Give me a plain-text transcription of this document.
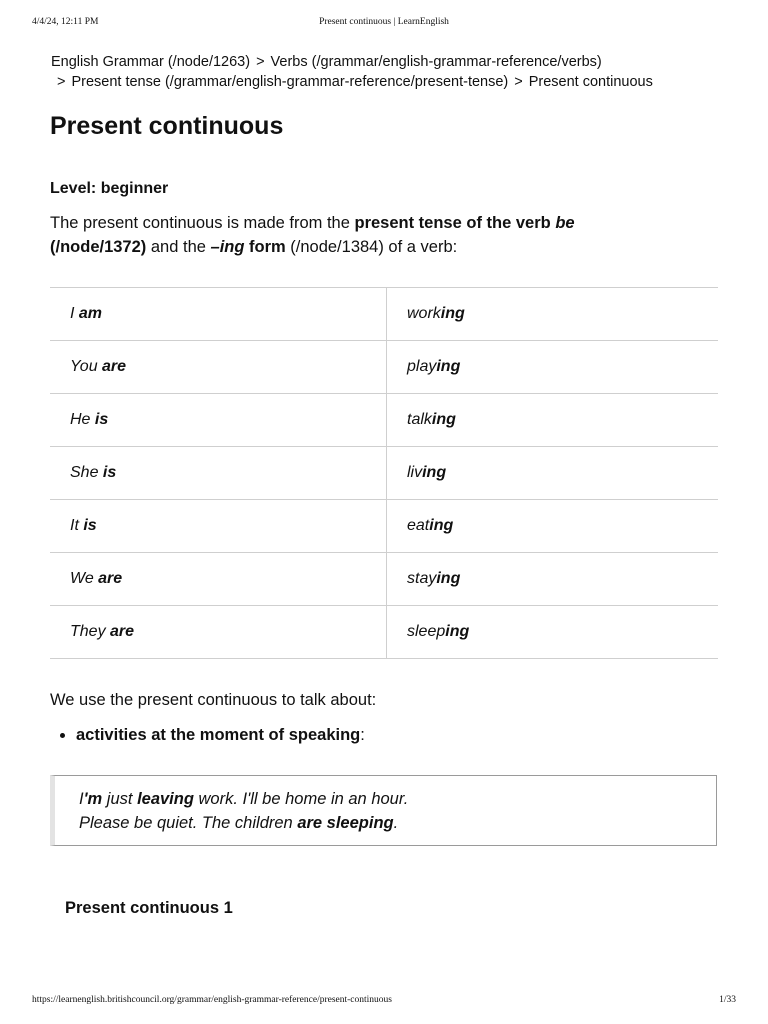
4/4/24, 12:11 PM	Present continuous | LearnEnglish
English Grammar (/node/1263) > Verbs (/grammar/english-grammar-reference/verbs)
> Present tense (/grammar/english-grammar-reference/present-tense) > Present continuous
Present continuous
Level: beginner

The present continuous is made from the present tense of the verb be
(/node/1372) and the –ing form (/node/1384) of a verb:

I am	working
You are	playing
He is	talking
She is	living
It is	eating
We are	staying
They are	sleeping
We use the present continuous to talk about:
activities at the moment of speaking:
I'm just leaving work. I'll be home in an hour.
Please be quiet. The children are sleeping.
Present continuous 1
https://learnenglish.britishcouncil.org/grammar/english-grammar-reference/present-continuous	1/33
